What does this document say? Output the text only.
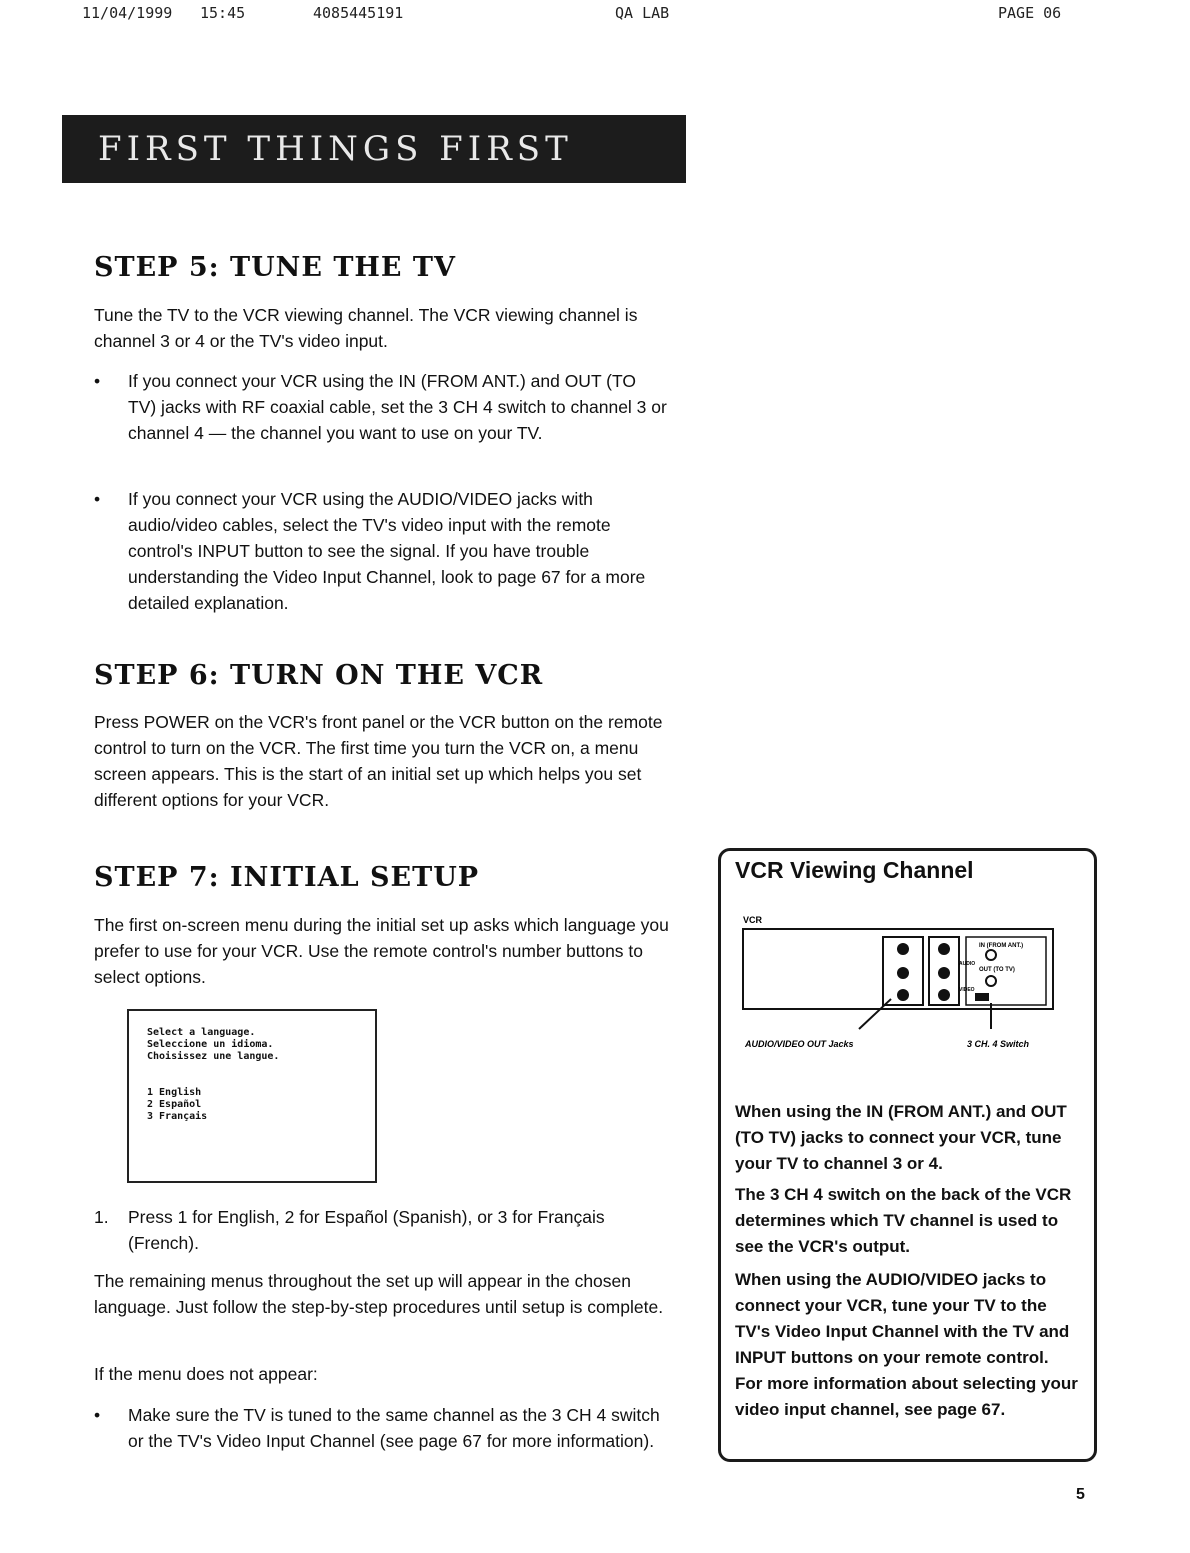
11/04/1999 15:45	4085445191	QA LAB	PAGE 06
FIRST THINGS FIRST
STEP 5: TUNE THE TV

Tune the TV to the VCR viewing channel. The VCR viewing channel is channel 3 or 4 or the TV's video input.

• If you connect your VCR using the IN (FROM ANT.) and OUT (TO TV) jacks with RF coaxial cable, set the 3 CH 4 switch to channel 3 or channel 4 — the channel you want to use on your TV.
• If you connect your VCR using the AUDIO/VIDEO jacks with audio/video cables, select the TV's video input with the remote control's INPUT button to see the signal. If you have trouble understanding the Video Input Channel, look to page 67 for a more detailed explanation.
STEP 6: TURN ON THE VCR

Press POWER on the VCR's front panel or the VCR button on the remote control to turn on the VCR. The first time you turn the VCR on, a menu screen appears. This is the start of an initial set up which helps you set different options for your VCR.

STEP 7: INITIAL SETUP

The first on-screen menu during the initial set up asks which language you prefer to use for your VCR. Use the remote control's number buttons to select options.

Select a language.
Seleccione un idioma.
Choisissez une langue.
1 English
2 Español
3 Français
1. Press 1 for English, 2 for Español (Spanish), or 3 for Français (French).

The remaining menus throughout the set up will appear in the chosen language. Just follow the step-by-step procedures until setup is complete.

If the menu does not appear:

• Make sure the TV is tuned to the same channel as the 3 CH 4 switch or the TV's Video Input Channel (see page 67 for more information).
VCR Viewing Channel
VCR
IN (FROM ANT.)
OUT (TO TV)
AUDIO
VIDEO
AUDIO/VIDEO OUT Jacks	3 CH. 4 Switch
When using the IN (FROM ANT.) and OUT (TO TV) jacks to connect your VCR, tune your TV to channel 3 or 4.
The 3 CH 4 switch on the back of the VCR determines which TV channel is used to see the VCR's output.
When using the AUDIO/VIDEO jacks to connect your VCR, tune your TV to the TV's Video Input Channel with the TV and INPUT buttons on your remote control. For more information about selecting your video input channel, see page 67.
5
